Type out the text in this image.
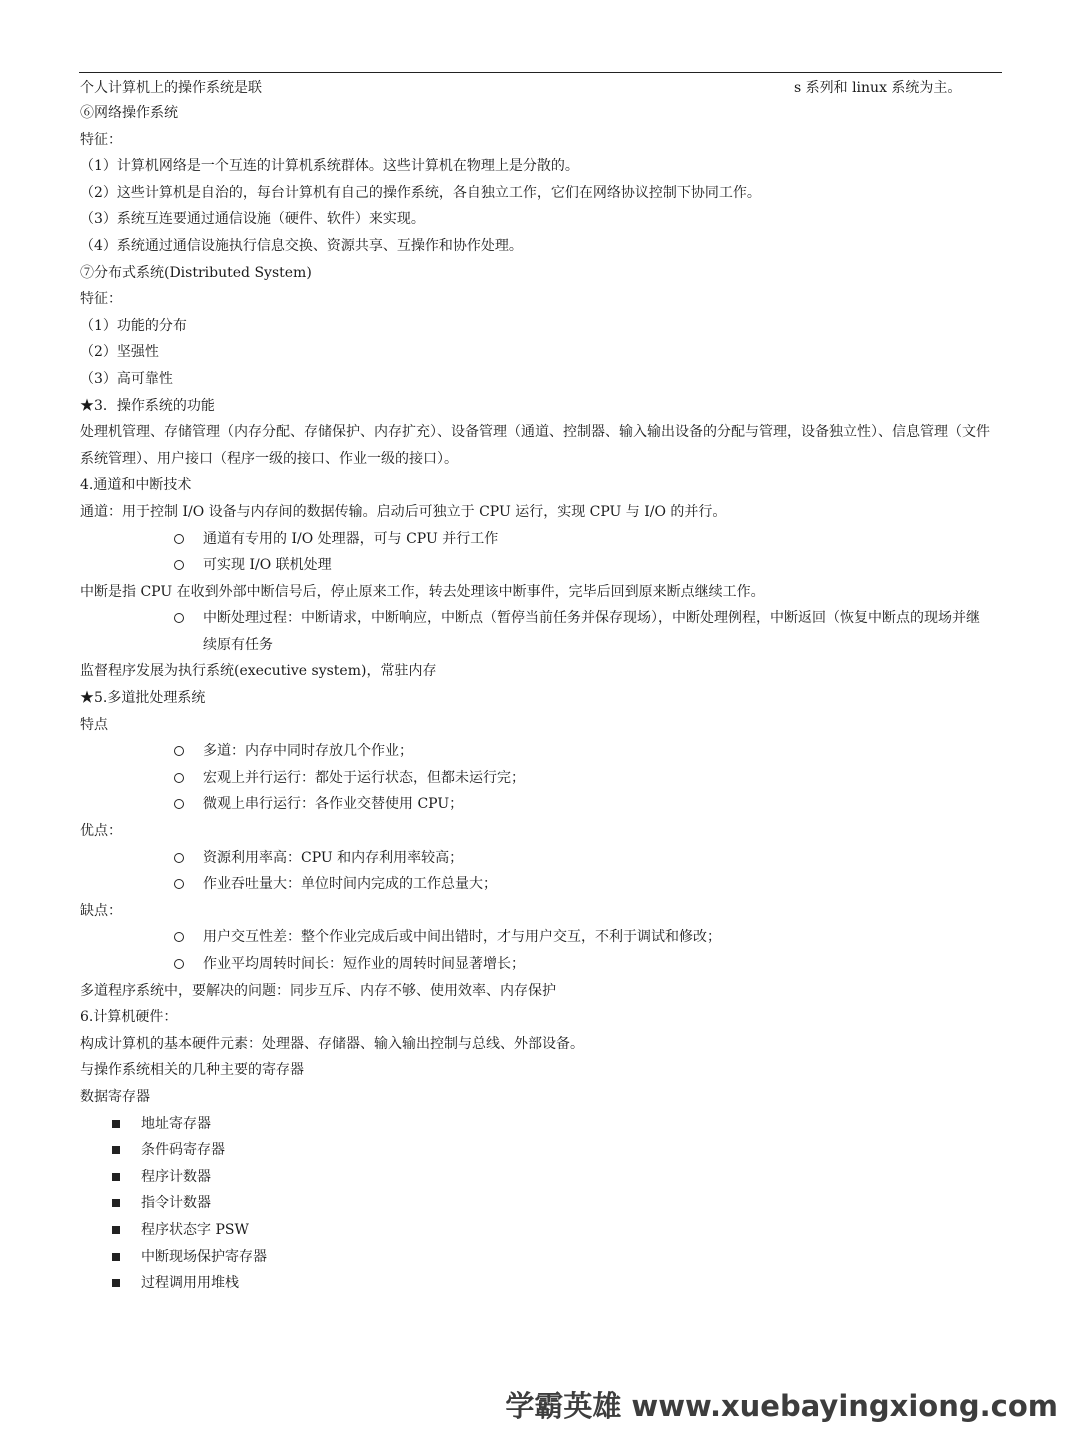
个人计算机上的操作系统是联	s 系列和 linux 系统为主。
⑥网络操作系统
特征：
（1）计算机网络是一个互连的计算机系统群体。这些计算机在物理上是分散的。
（2）这些计算机是自治的，每台计算机有自己的操作系统，各自独立工作，它们在网络协议控制下协同工作。
（3）系统互连要通过通信设施（硬件、软件）来实现。
（4）系统通过通信设施执行信息交换、资源共享、互操作和协作处理。
⑦分布式系统(Distributed System)
特征：
（1）功能的分布
（2）坚强性
（3）高可靠性
★3．操作系统的功能
处理机管理、存储管理（内存分配、存储保护、内存扩充）、设备管理（通道、控制器、输入输出设备的分配与管理，设备独立性）、信息管理（文件系统管理）、用户接口（程序一级的接口、作业一级的接口）。
4.通道和中断技术
通道：用于控制 I/O 设备与内存间的数据传输。启动后可独立于 CPU 运行，实现 CPU 与 I/O 的并行。
通道有专用的 I/O 处理器，可与 CPU 并行工作
可实现 I/O 联机处理
中断是指 CPU 在收到外部中断信号后，停止原来工作，转去处理该中断事件，完毕后回到原来断点继续工作。
中断处理过程：中断请求，中断响应，中断点（暂停当前任务并保存现场），中断处理例程，中断返回（恢复中断点的现场并继续原有任务
监督程序发展为执行系统(executive system)，常驻内存
★5.多道批处理系统
特点
多道：内存中同时存放几个作业；
宏观上并行运行：都处于运行状态，但都未运行完；
微观上串行运行：各作业交替使用 CPU；
优点：
资源利用率高：CPU 和内存利用率较高；
作业吞吐量大：单位时间内完成的工作总量大；
缺点：
用户交互性差：整个作业完成后或中间出错时，才与用户交互，不利于调试和修改；
作业平均周转时间长：短作业的周转时间显著增长；
多道程序系统中，要解决的问题：同步互斥、内存不够、使用效率、内存保护
6.计算机硬件：
构成计算机的基本硬件元素：处理器、存储器、输入输出控制与总线、外部设备。
与操作系统相关的几种主要的寄存器
数据寄存器
地址寄存器
条件码寄存器
程序计数器
指令计数器
程序状态字 PSW
中断现场保护寄存器
过程调用用堆栈
学霸英雄 www.xuebayingxiong.com
